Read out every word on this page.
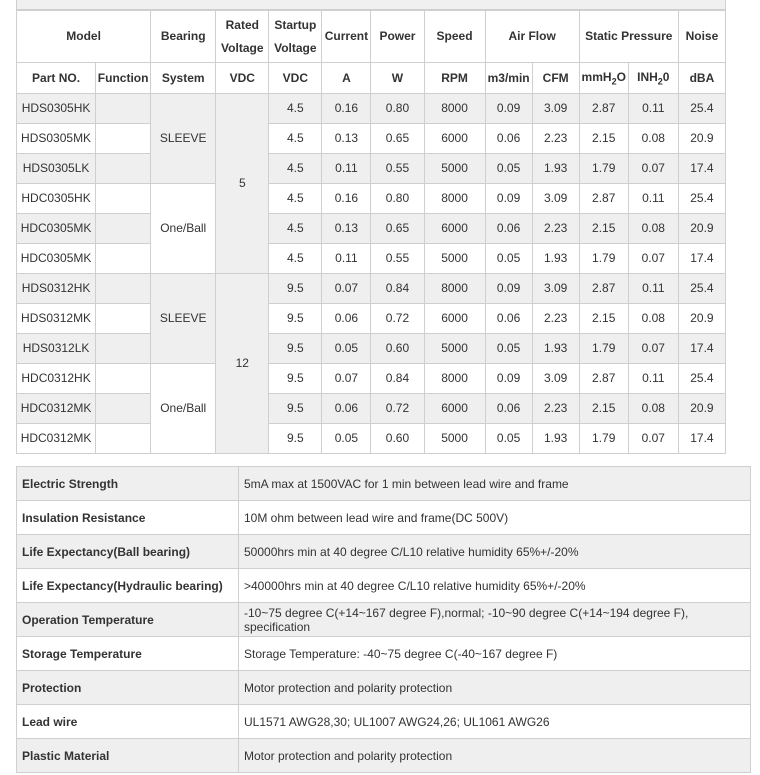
Model		Bearing	Rated Voltage	Startup Voltage	Current	Power	Speed	Air Flow		Static Pressure		Noise
Part NO.	Function	System	VDC	VDC	A	W	RPM	m3/min	CFM	mmH$_2$O	$INH_20$	dBA
HDS0305HK		SLEEVE	5	4.5	0.16	0.80	8000	0.09	3.09	2.87	0.11	25.4
HDS0305MK				4.5	0.13	0.65	6000	0.06	2.23	2.15	0.08	20.9
HDS0305LK				4.5	0.11	0.55	5000	0.05	1.93	1.79	0.07	17.4
HDC0305HK		One/Ball		4.5	0.16	0.80	8000	0.09	3.09	2.87	0.11	25.4
HDC0305MK				4.5	0.13	0.65	6000	0.06	2.23	2.15	0.08	20.9
HDC0305MK				4.5	0.11	0.55	5000	0.05	1.93	1.79	0.07	17.4
HDS0312HK		SLEEVE	12	9.5	0.07	0.84	8000	0.09	3.09	2.87	0.11	25.4
HDS0312MK				9.5	0.06	0.72	6000	0.06	2.23	2.15	0.08	20.9
HDS0312LK				9.5	0.05	0.60	5000	0.05	1.93	1.79	0.07	17.4
HDC0312HK		One/Ball		9.5	0.07	0.84	8000	0.09	3.09	2.87	0.11	25.4
HDC0312MK				9.5	0.06	0.72	6000	0.06	2.23	2.15	0.08	20.9
HDC0312MK				9.5	0.05	0.60	5000	0.05	1.93	1.79	0.07	17.4
Electric Strength	5mA max at 1500VAC for 1 min between lead wire and frame
Insulation Resistance	10M ohm between lead wire and frame(DC 500V)
Life Expectancy(Ball bearing)	50000hrs min at 40 degree C/L10 relative humidity 65%+/-20%
Life Expectancy(Hydraulic bearing)	>40000hrs min at 40 degree C/L10 relative humidity 65%+/-20%
Operation Temperature	-10~75 degree C(+14~167 degree F),normal; -10~90 degree C(+14~194 degree F), specification
Storage Temperature	Storage Temperature: -40~75 degree C(-40~167 degree F)
Protection	Motor protection and polarity protection
Lead wire	UL1571 AWG28,30; UL1007 AWG24,26; UL1061 AWG26
Plastic Material	Motor protection and polarity protection
